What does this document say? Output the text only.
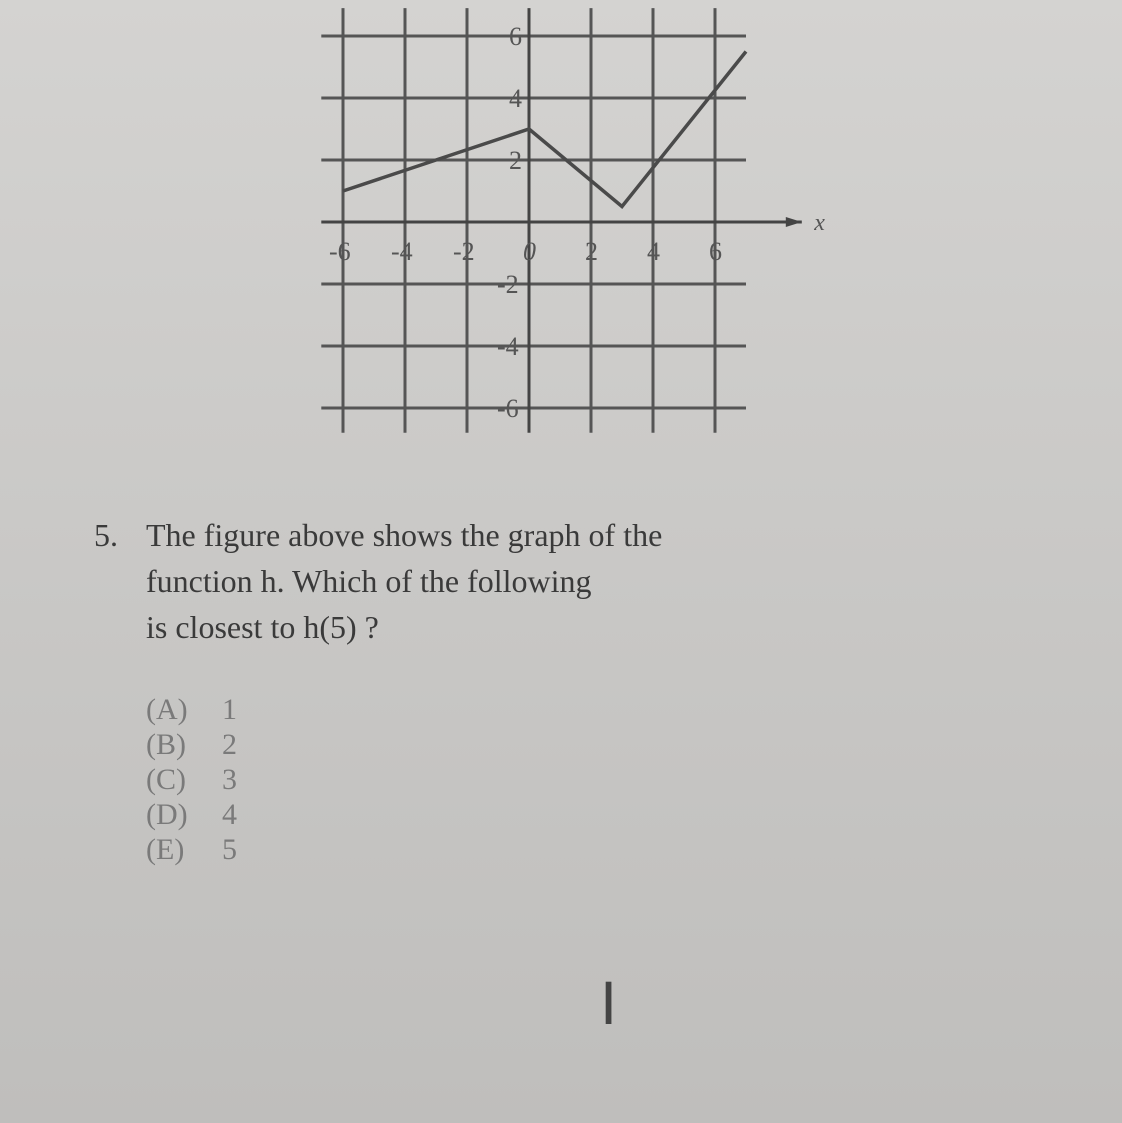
x
-6 -4 -2 0 2 4 6
6
4
2
-2
-4
-6
5. The figure above shows the graph of the
function h. Which of the following
is closest to h(5) ?
(A)	1
(B)	2
(C)	3
(D)	4
(E)	5
I
